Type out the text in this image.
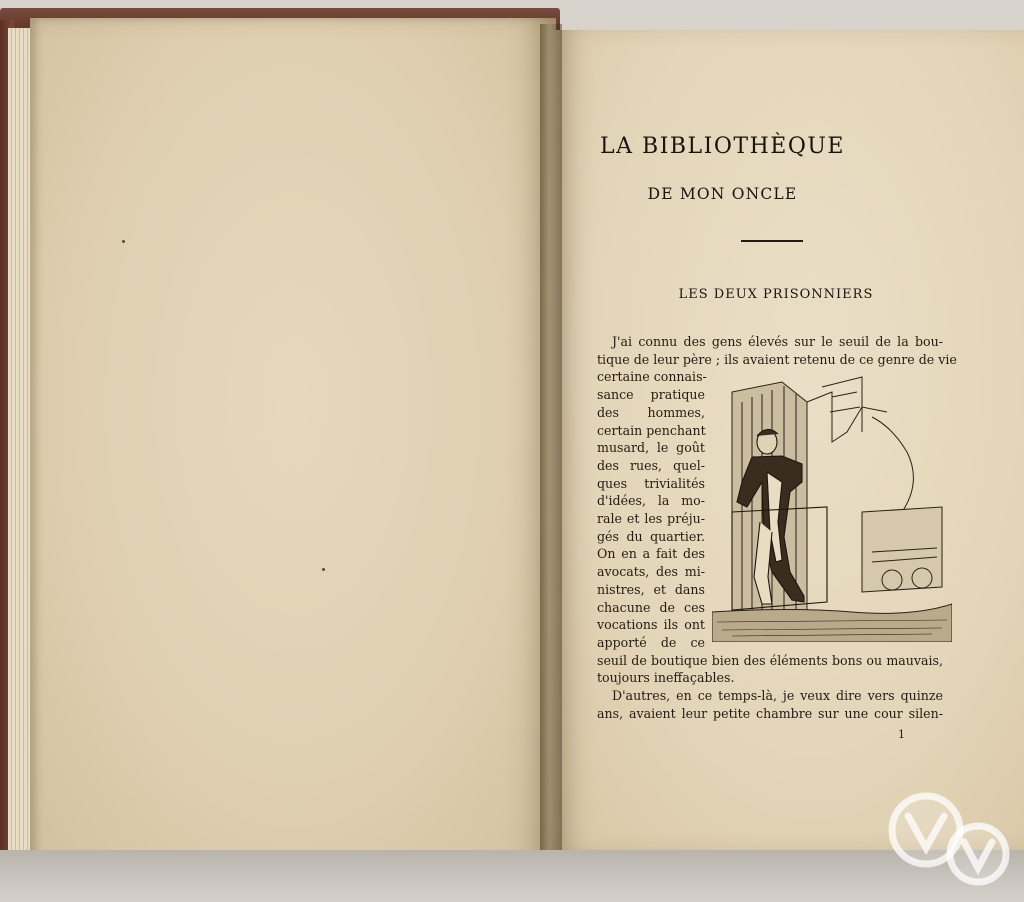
LA BIBLIOTHÈQUE
DE MON ONCLE
LES DEUX PRISONNIERS
J'ai connu des gens élevés sur le seuil de la bou-
tique de leur père ; ils avaient retenu de ce genre de vie
certaine connais-
sance pratique
des hommes,
certain penchant
musard, le goût
des rues, quel-
ques trivialités
d'idées, la mo-
rale et les préju-
gés du quartier.
On en a fait des
avocats, des mi-
nistres, et dans
chacune de ces
vocations ils ont
apporté de ce
seuil de boutique bien des éléments bons ou mauvais,
toujours ineffaçables.
D'autres, en ce temps-là, je veux dire vers quinze
ans, avaient leur petite chambre sur une cour silen-
1
